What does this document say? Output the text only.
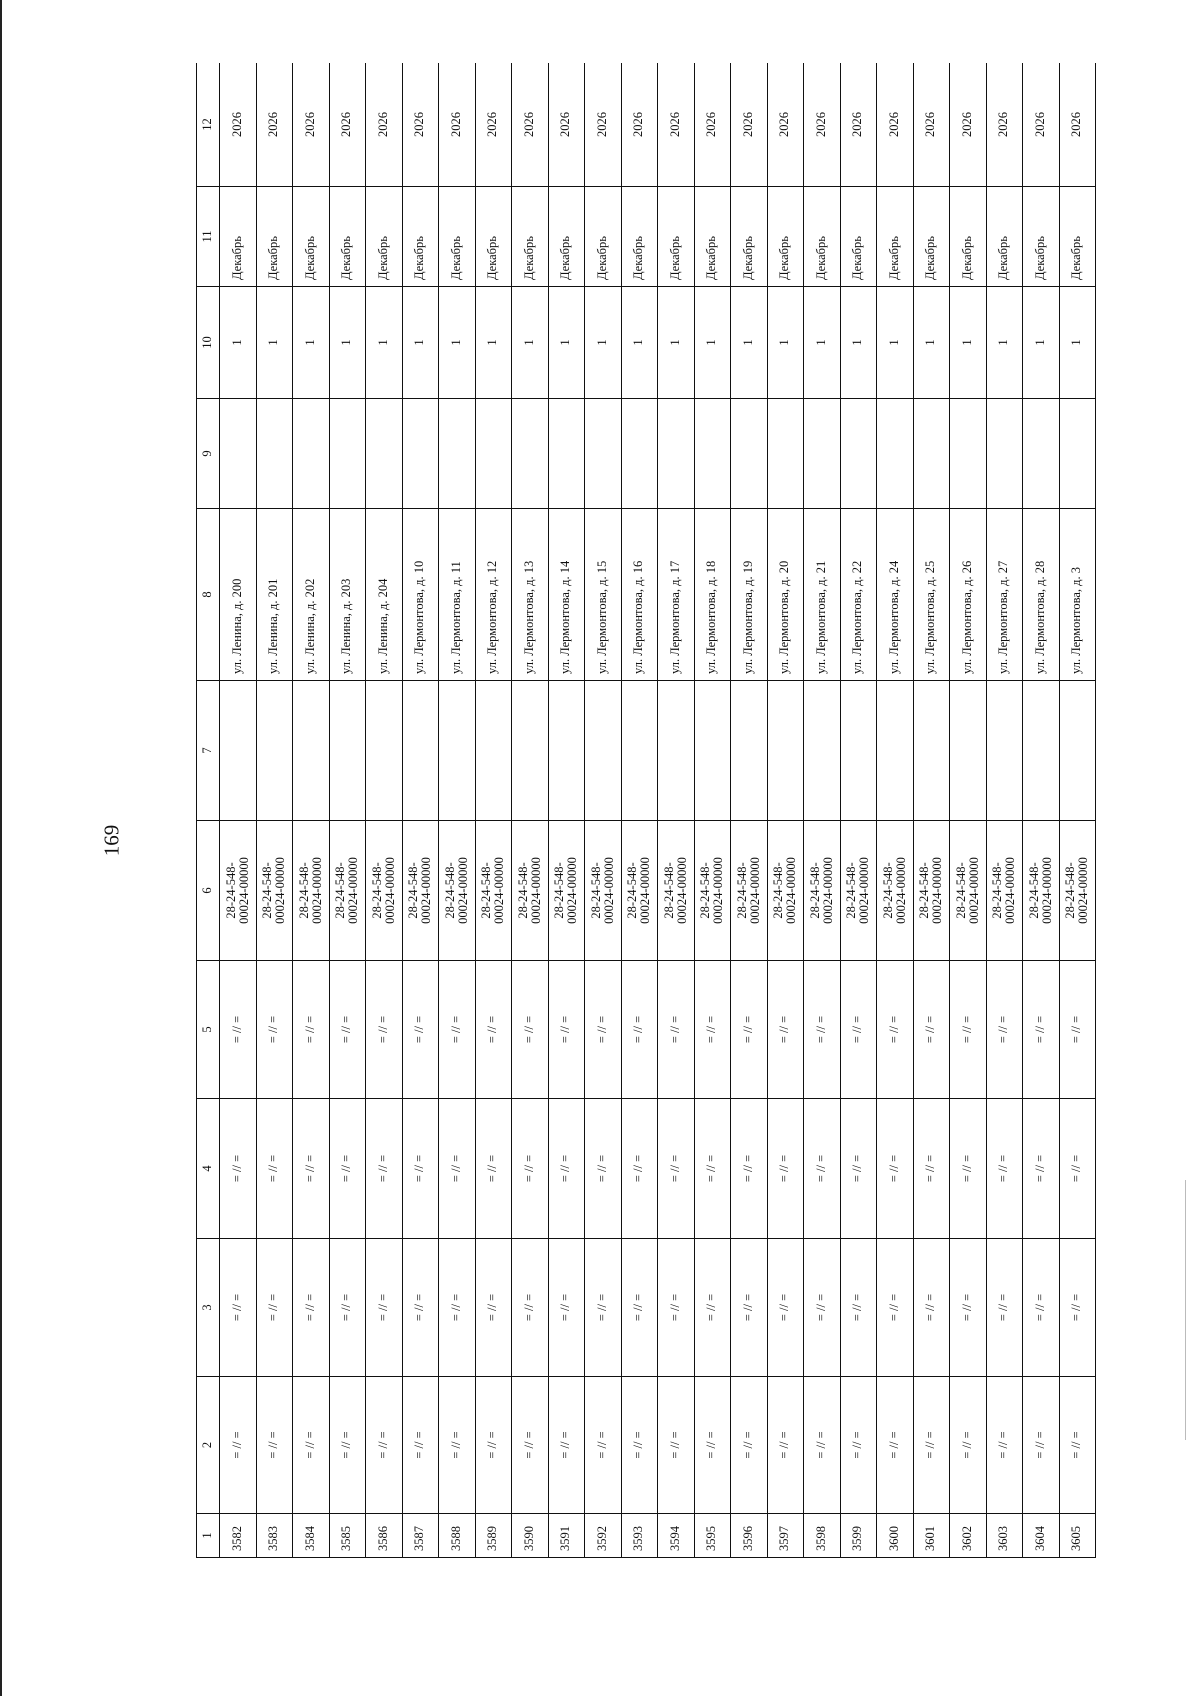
169
1	2	3	4	5	6	7	8	9	10	11	12
3582	= // =	= // =	= // =	= // =	28-24-548- 00024-00000		ул. Ленина, д. 200		1	Декабрь	2026
3583	= // =	= // =	= // =	= // =	28-24-548- 00024-00000		ул. Ленина, д. 201		1	Декабрь	2026
3584	= // =	= // =	= // =	= // =	28-24-548- 00024-00000		ул. Ленина, д. 202		1	Декабрь	2026
3585	= // =	= // =	= // =	= // =	28-24-548- 00024-00000		ул. Ленина, д. 203		1	Декабрь	2026
3586	= // =	= // =	= // =	= // =	28-24-548- 00024-00000		ул. Ленина, д. 204		1	Декабрь	2026
3587	= // =	= // =	= // =	= // =	28-24-548- 00024-00000		ул. Лермонтова, д. 10		1	Декабрь	2026
3588	= // =	= // =	= // =	= // =	28-24-548- 00024-00000		ул. Лермонтова, д. 11		1	Декабрь	2026
3589	= // =	= // =	= // =	= // =	28-24-548- 00024-00000		ул. Лермонтова, д. 12		1	Декабрь	2026
3590	= // =	= // =	= // =	= // =	28-24-548- 00024-00000		ул. Лермонтова, д. 13		1	Декабрь	2026
3591	= // =	= // =	= // =	= // =	28-24-548- 00024-00000		ул. Лермонтова, д. 14		1	Декабрь	2026
3592	= // =	= // =	= // =	= // =	28-24-548- 00024-00000		ул. Лермонтова, д. 15		1	Декабрь	2026
3593	= // =	= // =	= // =	= // =	28-24-548- 00024-00000		ул. Лермонтова, д. 16		1	Декабрь	2026
3594	= // =	= // =	= // =	= // =	28-24-548- 00024-00000		ул. Лермонтова, д. 17		1	Декабрь	2026
3595	= // =	= // =	= // =	= // =	28-24-548- 00024-00000		ул. Лермонтова, д. 18		1	Декабрь	2026
3596	= // =	= // =	= // =	= // =	28-24-548- 00024-00000		ул. Лермонтова, д. 19		1	Декабрь	2026
3597	= // =	= // =	= // =	= // =	28-24-548- 00024-00000		ул. Лермонтова, д. 20		1	Декабрь	2026
3598	= // =	= // =	= // =	= // =	28-24-548- 00024-00000		ул. Лермонтова, д. 21		1	Декабрь	2026
3599	= // =	= // =	= // =	= // =	28-24-548- 00024-00000		ул. Лермонтова, д. 22		1	Декабрь	2026
3600	= // =	= // =	= // =	= // =	28-24-548- 00024-00000		ул. Лермонтова, д. 24		1	Декабрь	2026
3601	= // =	= // =	= // =	= // =	28-24-548- 00024-00000		ул. Лермонтова, д. 25		1	Декабрь	2026
3602	= // =	= // =	= // =	= // =	28-24-548- 00024-00000		ул. Лермонтова, д. 26		1	Декабрь	2026
3603	= // =	= // =	= // =	= // =	28-24-548- 00024-00000		ул. Лермонтова, д. 27		1	Декабрь	2026
3604	= // =	= // =	= // =	= // =	28-24-548- 00024-00000		ул. Лермонтова, д. 28		1	Декабрь	2026
3605	= // =	= // =	= // =	= // =	28-24-548- 00024-00000		ул. Лермонтова, д. 3		1	Декабрь	2026
